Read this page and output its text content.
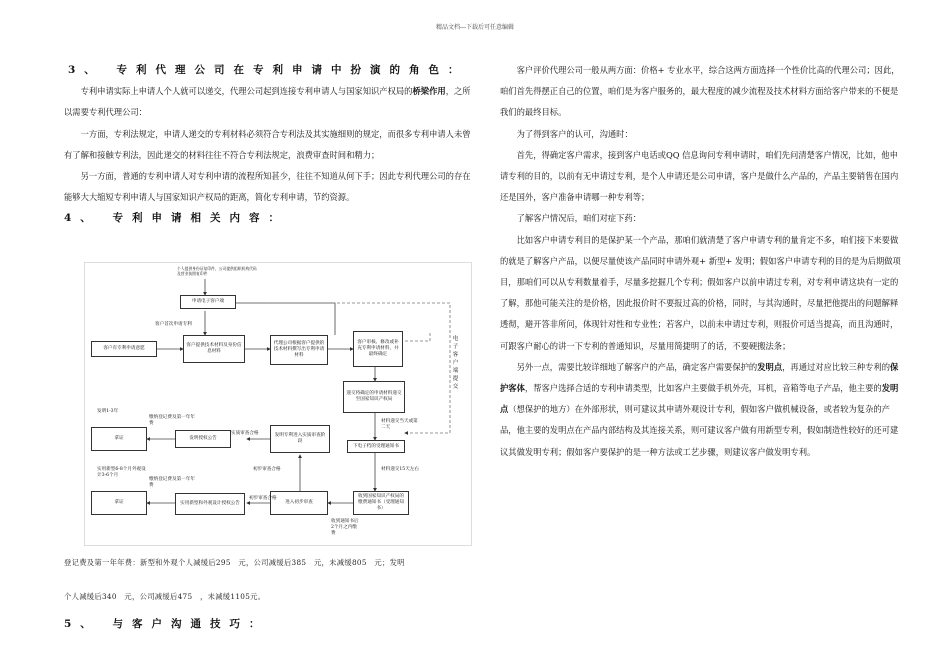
精品文档---下载后可任意编辑

3、 专利代理公司在专利申请中扮演的角色：

专利申请实际上申请人个人就可以递交，代理公司起到连接专利申请人与国家知识产权局的桥梁作用，之所以需要专利代理公司：

一方面，专利法规定，申请人递交的专利材料必须符合专利法及其实施细则的规定，而很多专利申请人未曾有了解和接触专利法，因此递交的材料往往不符合专利法规定，浪费审查时间和精力；

另一方面，普通的专利申请人对专利申请的流程所知甚少，往往不知道从何下手；因此专利代理公司的存在能够大大缩短专利申请人与国家知识产权局的距离，简化专利申请，节约资源。

4、 专利申请相关内容：

个人提供身份证复印件，公司提供组织机构代码及营业执照复印件
申请电子客户端
客户首次申请专利
客户有专利申请意愿
客户提供技术材料及身份信息材料
代理公司根据客户提供的技术材料撰写出专利申请材料
客户审核、修改或补充专利申请材料，并最终确定
电子客户端提交
递交将确定的申请材料递交至国家知识产权局
材料递交当天或第二天
下电子档的受理通知书
材料递交15天左右
收到国家知识产权局的缴费通知书（受理通知书）
收到通知书后2个月之内缴费
进入初步审查
初步审查合格
初步审查合格
发明专利进入实质审查阶段
实质审查合格
发明授权公告
实用新型和外观设计授权公告
缴纳登记费及第一年年费
缴纳登记费及第一年年费
拿证
拿证
发明1-3年
实用新型6-8个月外观设计3-6个月
登记费及第一年年费：新型和外观个人减缓后295　元，公司减缓后385　元，未减缓805　元；发明
个人减缓后340　元，公司减缓后475　，未减缓1105元。

5、 与客户沟通技巧：

客户评价代理公司一般从两方面：价格+ 专业水平，综合这两方面选择一个性价比高的代理公司；因此，咱们首先得摆正自己的位置，咱们是为客户服务的，最大程度的减少流程及技术材料方面给客户带来的不便是我们的最终目标。

为了得到客户的认可，沟通时：

首先，得确定客户需求，接到客户电话或QQ 信息询问专利申请时，咱们先问清楚客户情况，比如，他申请专利的目的，以前有无申请过专利，是个人申请还是公司申请，客户是做什么产品的，产品主要销售在国内还是国外，客户准备申请哪一种专利等；

了解客户情况后，咱们对症下药：

比如客户申请专利目的是保护某一个产品，那咱们就清楚了客户申请专利的量肯定不多，咱们接下来要做的就是了解客户产品，以便尽量使该产品同时申请外观+ 新型+ 发明；假如客户申请专利的目的是为后期做项目，那咱们可以从专利数量着手，尽量多挖掘几个专利；假如客户以前申请过专利，对专利申请这块有一定的了解，那他可能关注的是价格，因此报价时不要报过高的价格，同时，与其沟通时，尽量把他提出的问题解释透彻，避开答非所问，体现针对性和专业性；若客户，以前未申请过专利，则报价可适当提高，而且沟通时，可跟客户耐心的讲一下专利的普通知识，尽量用简捷明了的话，不要硬搬法条；

另外一点，需要比较详细地了解客户的产品，确定客户需要保护的发明点，再通过对应比较三种专利的保护客体，帮客户选择合适的专利申请类型，比如客户主要做手机外壳，耳机，音箱等电子产品，他主要的发明点（想保护的地方）在外部形状，则可建议其申请外观设计专利，假如客户做机械设备，或者较为复杂的产品，他主要的发明点在产品内部结构及其连接关系，则可建议客户做有用新型专利，假如制造性较好的还可建议其做发明专利；假如客户要保护的是一种方法或工艺步骤，则建议客户做发明专利。
